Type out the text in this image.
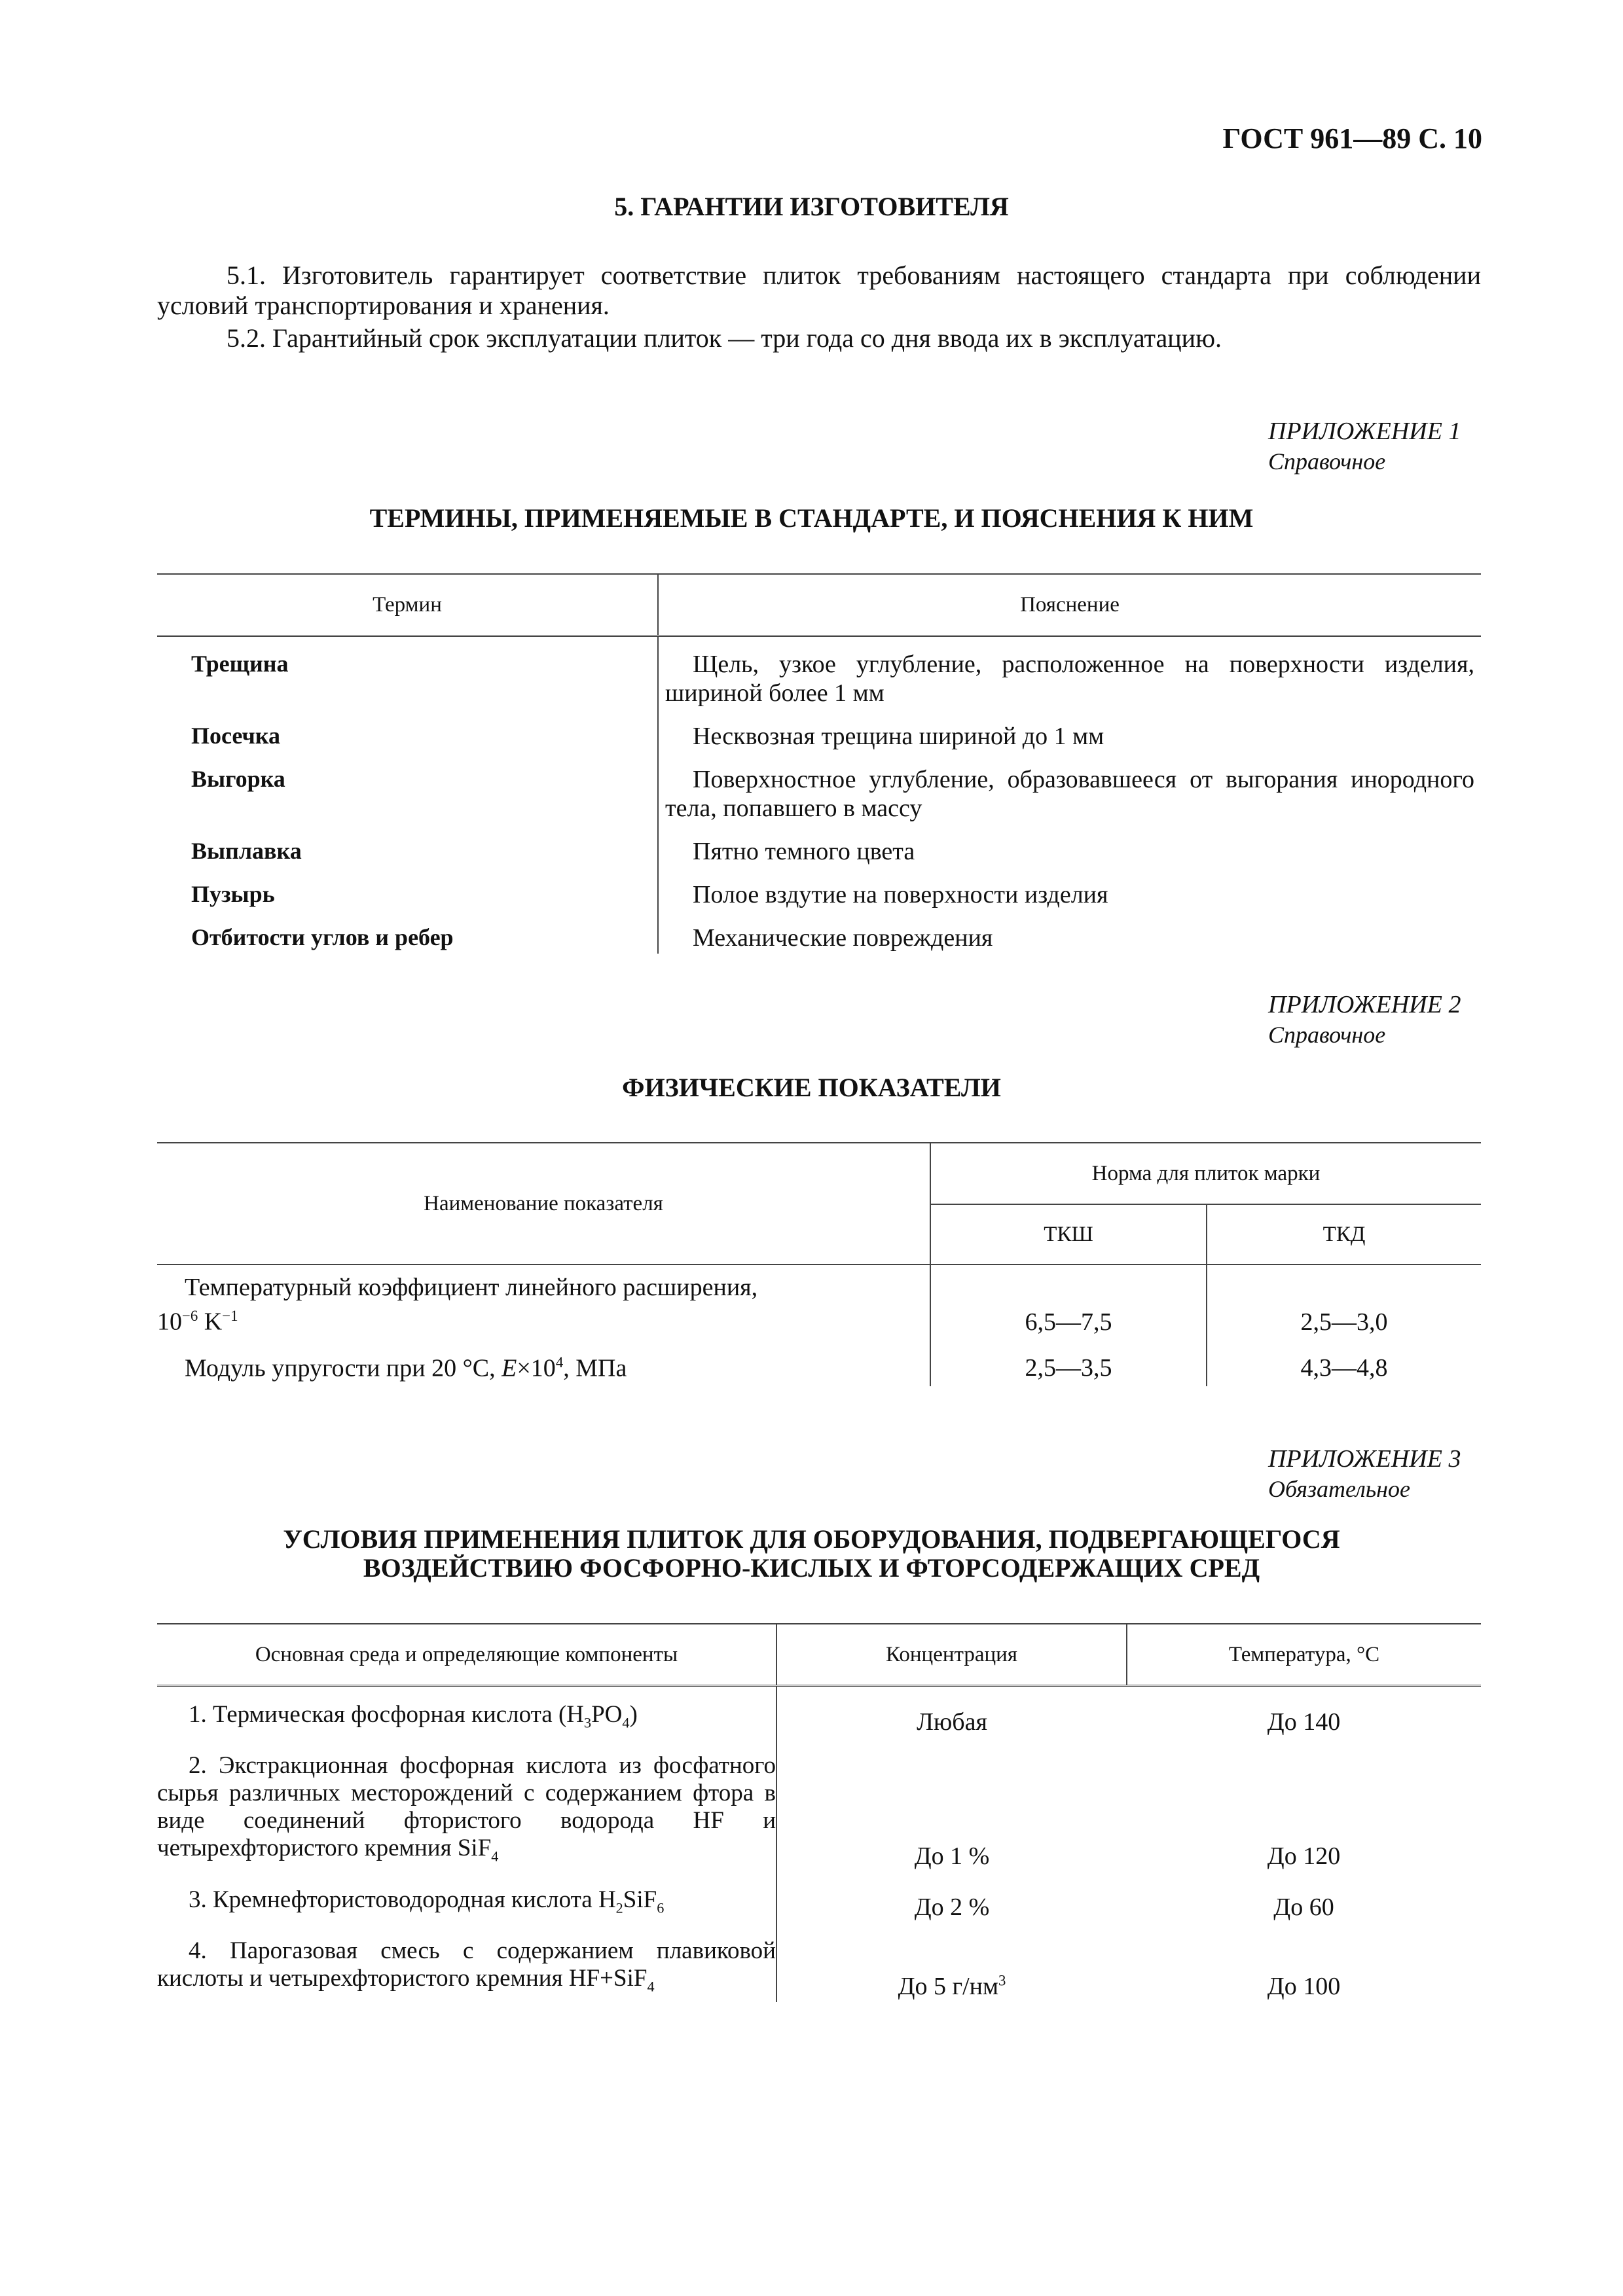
ГОСТ 961—89 С. 10
5. ГАРАНТИИ ИЗГОТОВИТЕЛЯ
5.1. Изготовитель гарантирует соответствие плиток требованиям настоящего стандарта при соблюдении условий транспортирования и хранения.
5.2. Гарантийный срок эксплуатации плиток — три года со дня ввода их в эксплуатацию.
ПРИЛОЖЕНИЕ 1
Справочное
ТЕРМИНЫ, ПРИМЕНЯЕМЫЕ В СТАНДАРТЕ, И ПОЯСНЕНИЯ К НИМ
Термин	Пояснение
Трещина	Щель, узкое углубление, расположенное на поверхности изделия, шириной более 1 мм
Посечка	Несквозная трещина шириной до 1 мм
Выгорка	Поверхностное углубление, образовавшееся от выгорания инородного тела, попавшего в массу
Выплавка	Пятно темного цвета
Пузырь	Полое вздутие на поверхности изделия
Отбитости углов и ребер	Механические повреждения
ПРИЛОЖЕНИЕ 2
Справочное
ФИЗИЧЕСКИЕ ПОКАЗАТЕЛИ
Наименование показателя	Норма для плиток марки	
	ТКШ	ТКД
Температурный коэффициент линейного расширения,
$10^{-6}$ $K^{-1}$	6,5—7,5	2,5—3,0
Модуль упругости при 20 °С, $E\times 10^4$, МПа	2,5—3,5	4,3—4,8
ПРИЛОЖЕНИЕ 3
Обязательное
УСЛОВИЯ ПРИМЕНЕНИЯ ПЛИТОК ДЛЯ ОБОРУДОВАНИЯ, ПОДВЕРГАЮЩЕГОСЯ
ВОЗДЕЙСТВИЮ ФОСФОРНО-КИСЛЫХ И ФТОРСОДЕРЖАЩИХ СРЕД
Основная среда и определяющие компоненты	Концентрация	Температура, °С
1. Термическая фосфорная кислота $(H_3PO_4)$	Любая	До 140
2. Экстракционная фосфорная кислота из фосфатного сырья различных месторождений с содержанием фтора в виде соединений фтористого водорода HF и четырехфтористого кремния SiF$_4$	До 1 %	До 120
3. Кремнефтористоводородная кислота $H_2SiF_6$	До 2 %	До 60
4. Парогазовая смесь с содержанием плавиковой кислоты и четырехфтористого кремния HF+SiF$_4$	До 5 $г/нм^3$	До 100
